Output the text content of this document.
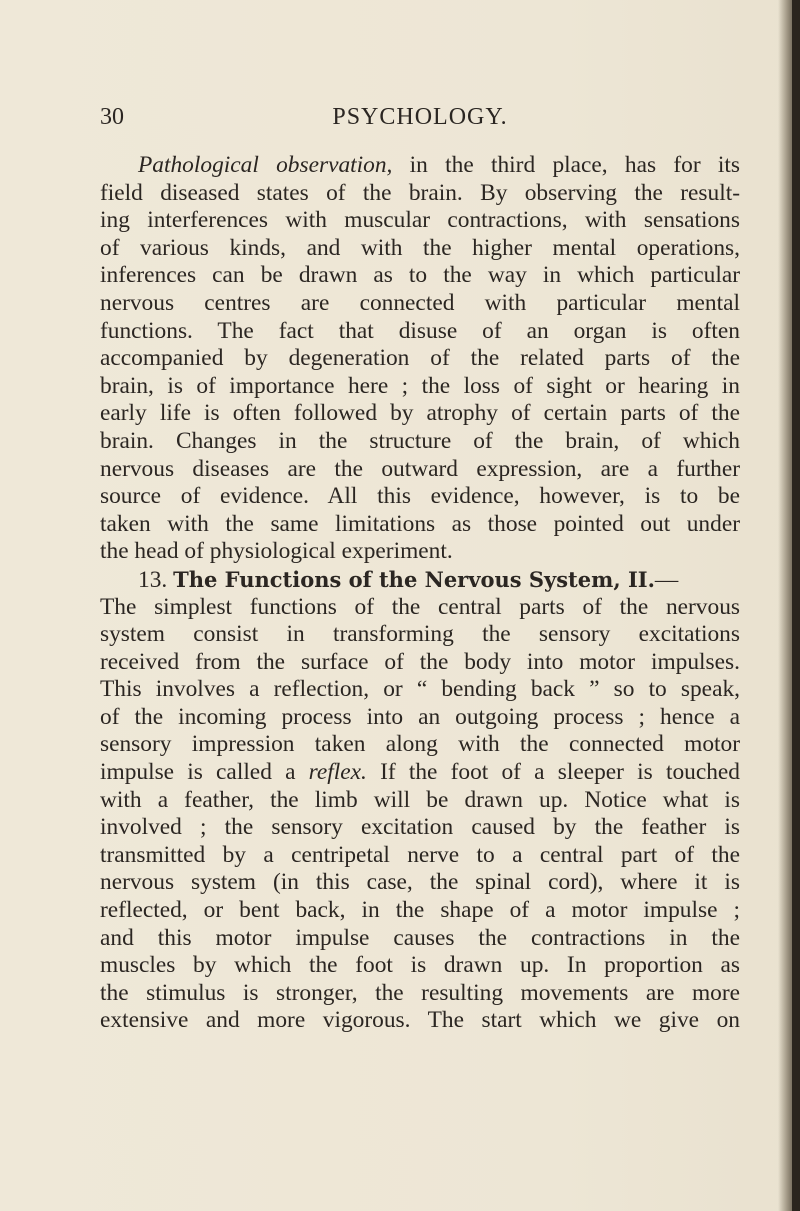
30	PSYCHOLOGY.
Pathological observation, in the third place, has for its
field diseased states of the brain. By observing the result-
ing interferences with muscular contractions, with sensations
of various kinds, and with the higher mental operations,
inferences can be drawn as to the way in which particular
nervous centres are connected with particular mental
functions. The fact that disuse of an organ is often
accompanied by degeneration of the related parts of the
brain, is of importance here ; the loss of sight or hearing in
early life is often followed by atrophy of certain parts of the
brain. Changes in the structure of the brain, of which
nervous diseases are the outward expression, are a further
source of evidence. All this evidence, however, is to be
taken with the same limitations as those pointed out under
the head of physiological experiment.
13. The Functions of the Nervous System, II.—
The simplest functions of the central parts of the nervous
system consist in transforming the sensory excitations
received from the surface of the body into motor impulses.
This involves a reflection, or “ bending back ” so to speak,
of the incoming process into an outgoing process ; hence a
sensory impression taken along with the connected motor
impulse is called a reflex. If the foot of a sleeper is touched
with a feather, the limb will be drawn up. Notice what is
involved ; the sensory excitation caused by the feather is
transmitted by a centripetal nerve to a central part of the
nervous system (in this case, the spinal cord), where it is
reflected, or bent back, in the shape of a motor impulse ;
and this motor impulse causes the contractions in the
muscles by which the foot is drawn up. In proportion as
the stimulus is stronger, the resulting movements are more
extensive and more vigorous. The start which we give on
